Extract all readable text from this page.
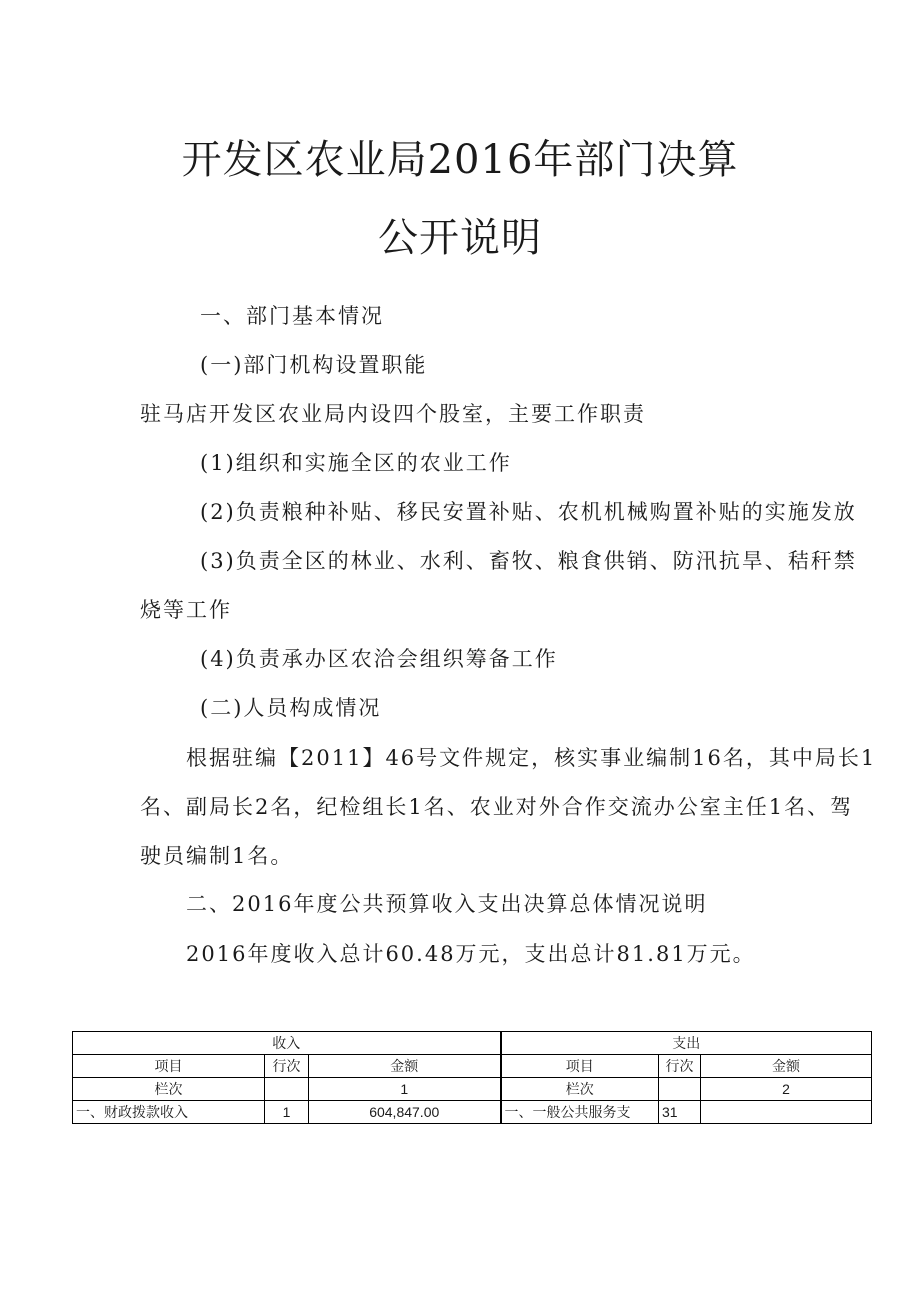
开发区农业局2016年部门决算
公开说明
一、部门基本情况
(一)部门机构设置职能
驻马店开发区农业局内设四个股室，主要工作职责
(1)组织和实施全区的农业工作
(2)负责粮种补贴、移民安置补贴、农机机械购置补贴的实施发放
(3)负责全区的林业、水利、畜牧、粮食供销、防汛抗旱、秸秆禁
烧等工作
(4)负责承办区农洽会组织筹备工作
(二)人员构成情况
根据驻编【2011】46号文件规定，核实事业编制16名，其中局长1
名、副局长2名，纪检组长1名、农业对外合作交流办公室主任1名、驾
驶员编制1名。
二、2016年度公共预算收入支出决算总体情况说明
2016年度收入总计60.48万元，支出总计81.81万元。
收入			支出		
项目	行次	金额	项目	行次	金额
栏次		1	栏次		2
一、财政拨款收入	1	604,847.00	一、一般公共服务支	31	
